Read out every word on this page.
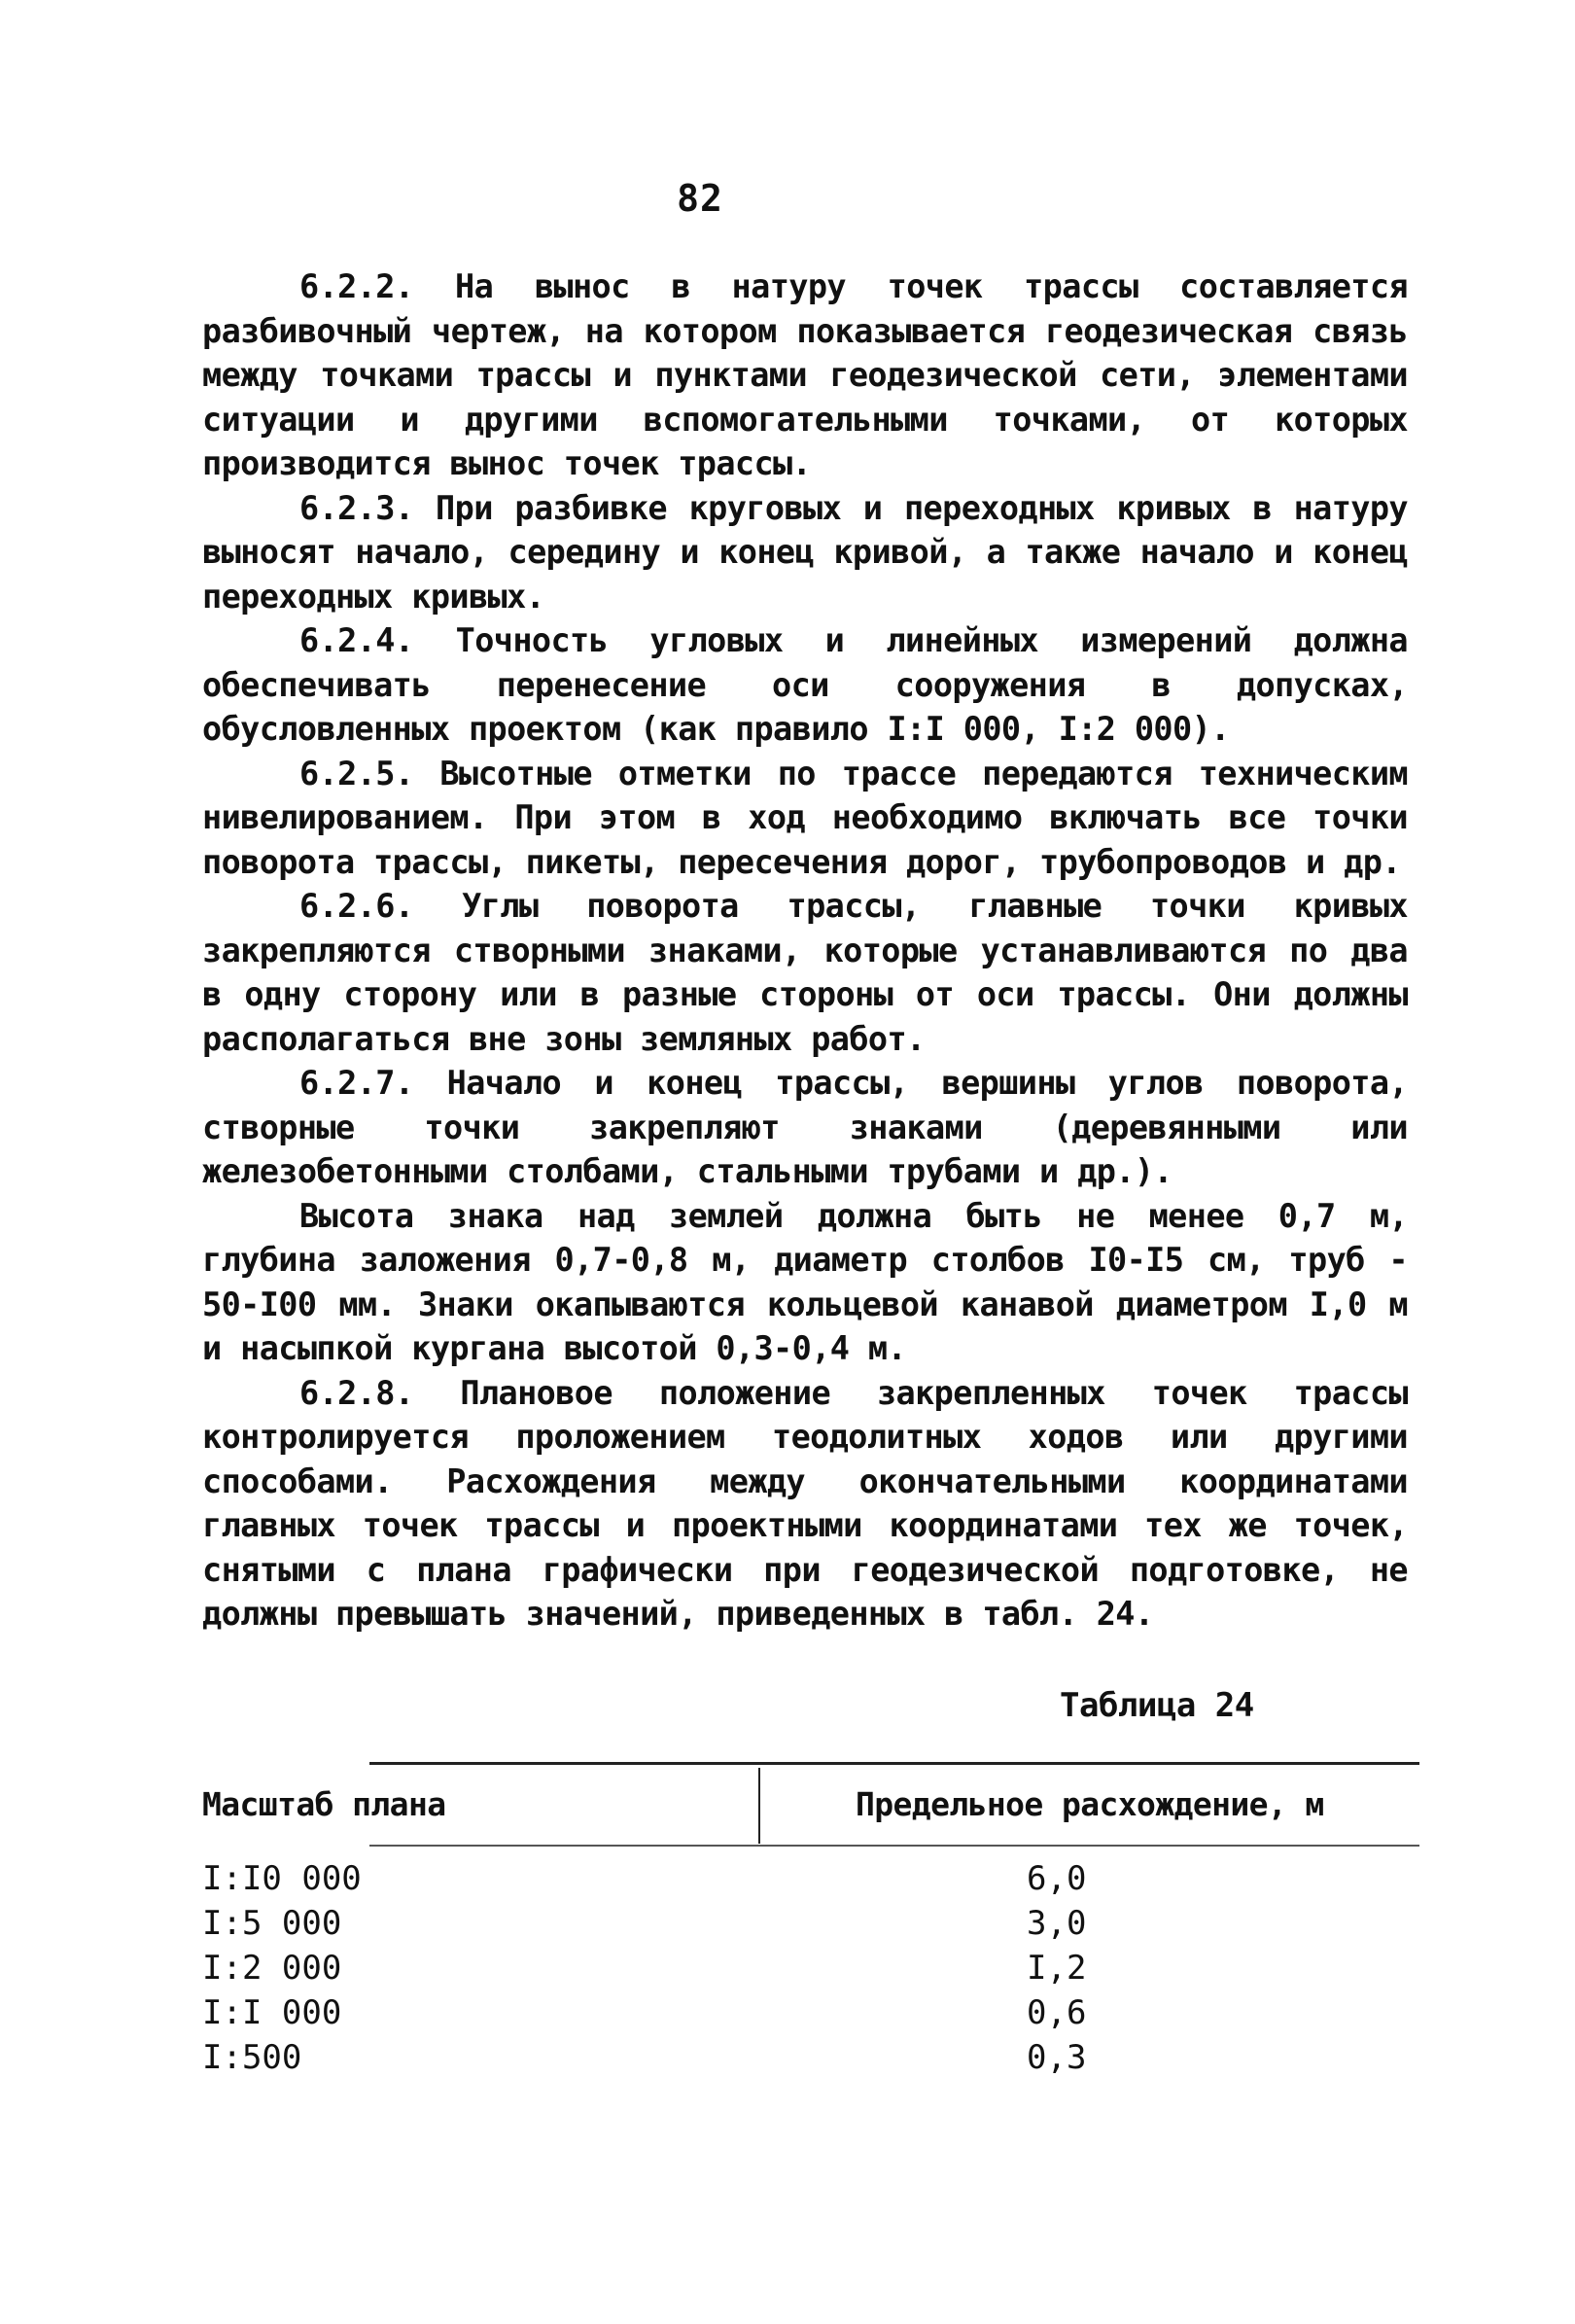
82

6.2.2. На вынос в натуру точек трассы составляется разбивочный чертеж, на котором показывается геодезическая связь между точками трассы и пунктами геодезической сети, элементами ситуации и другими вспомогательными точками, от которых производится вынос точек трассы.

6.2.3. При разбивке круговых и переходных кривых в натуру выносят начало, середину и конец кривой, а также начало и конец переходных кривых.

6.2.4. Точность угловых и линейных измерений должна обеспечивать перенесение оси сооружения в допусках, обусловленных проектом (как правило I:I 000, I:2 000).

6.2.5. Высотные отметки по трассе передаются техническим нивелированием. При этом в ход необходимо включать все точки поворота трассы, пикеты, пересечения дорог, трубопроводов и др.

6.2.6. Углы поворота трассы, главные точки кривых закрепляются створными знаками, которые устанавливаются по два в одну сторону или в разные стороны от оси трассы. Они должны располагаться вне зоны земляных работ.

6.2.7. Начало и конец трассы, вершины углов поворота, створные точки закрепляют знаками (деревянными или железобетонными столбами, стальными трубами и др.).

Высота знака над землей должна быть не менее 0,7 м, глубина заложения 0,7-0,8 м, диаметр столбов I0-I5 см, труб - 50-I00 мм. Знаки окапываются кольцевой канавой диаметром I,0 м и насыпкой кургана высотой 0,3-0,4 м.

6.2.8. Плановое положение закрепленных точек трассы контролируется проложением теодолитных ходов или другими способами. Расхождения между окончательными координатами главных точек трассы и проектными координатами тех же точек, снятыми с плана графически при геодезической подготовке, не должны превышать значений, приведенных в табл. 24.

Таблица 24
Масштаб плана	Предельное расхождение, м
I:I0 000	6,0
I:5 000	3,0
I:2 000	I,2
I:I 000	0,6
I:500	0,3
